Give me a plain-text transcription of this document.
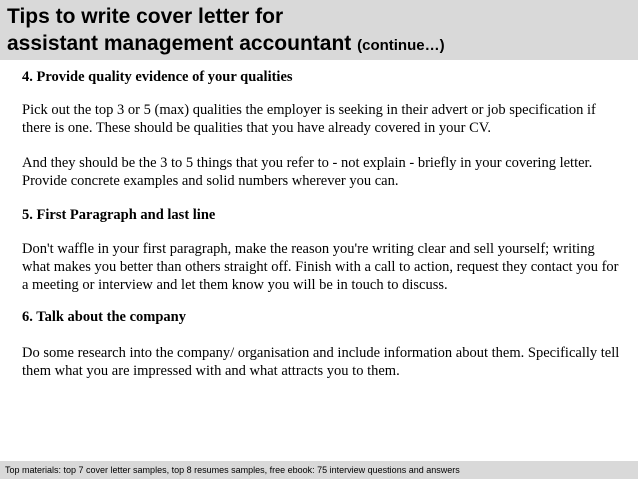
Tips to write cover letter for
assistant management accountant (continue…)

4. Provide quality evidence of your qualities

Pick out the top 3 or 5 (max) qualities the employer is seeking in their advert or job specification if there is one. These should be qualities that you have already covered in your CV.

And they should be the 3 to 5 things that you refer to - not explain - briefly in your covering letter. Provide concrete examples and solid numbers wherever you can.

5. First Paragraph and last line

Don't waffle in your first paragraph, make the reason you're writing clear and sell yourself; writing what makes you better than others straight off. Finish with a call to action, request they contact you for a meeting or interview and let them know you will be in touch to discuss.

6. Talk about the company

Do some research into the company/ organisation and include information about them. Specifically tell them what you are impressed with and what attracts you to them.

Top materials: top 7 cover letter samples, top 8 resumes samples, free ebook: 75 interview questions and answers
